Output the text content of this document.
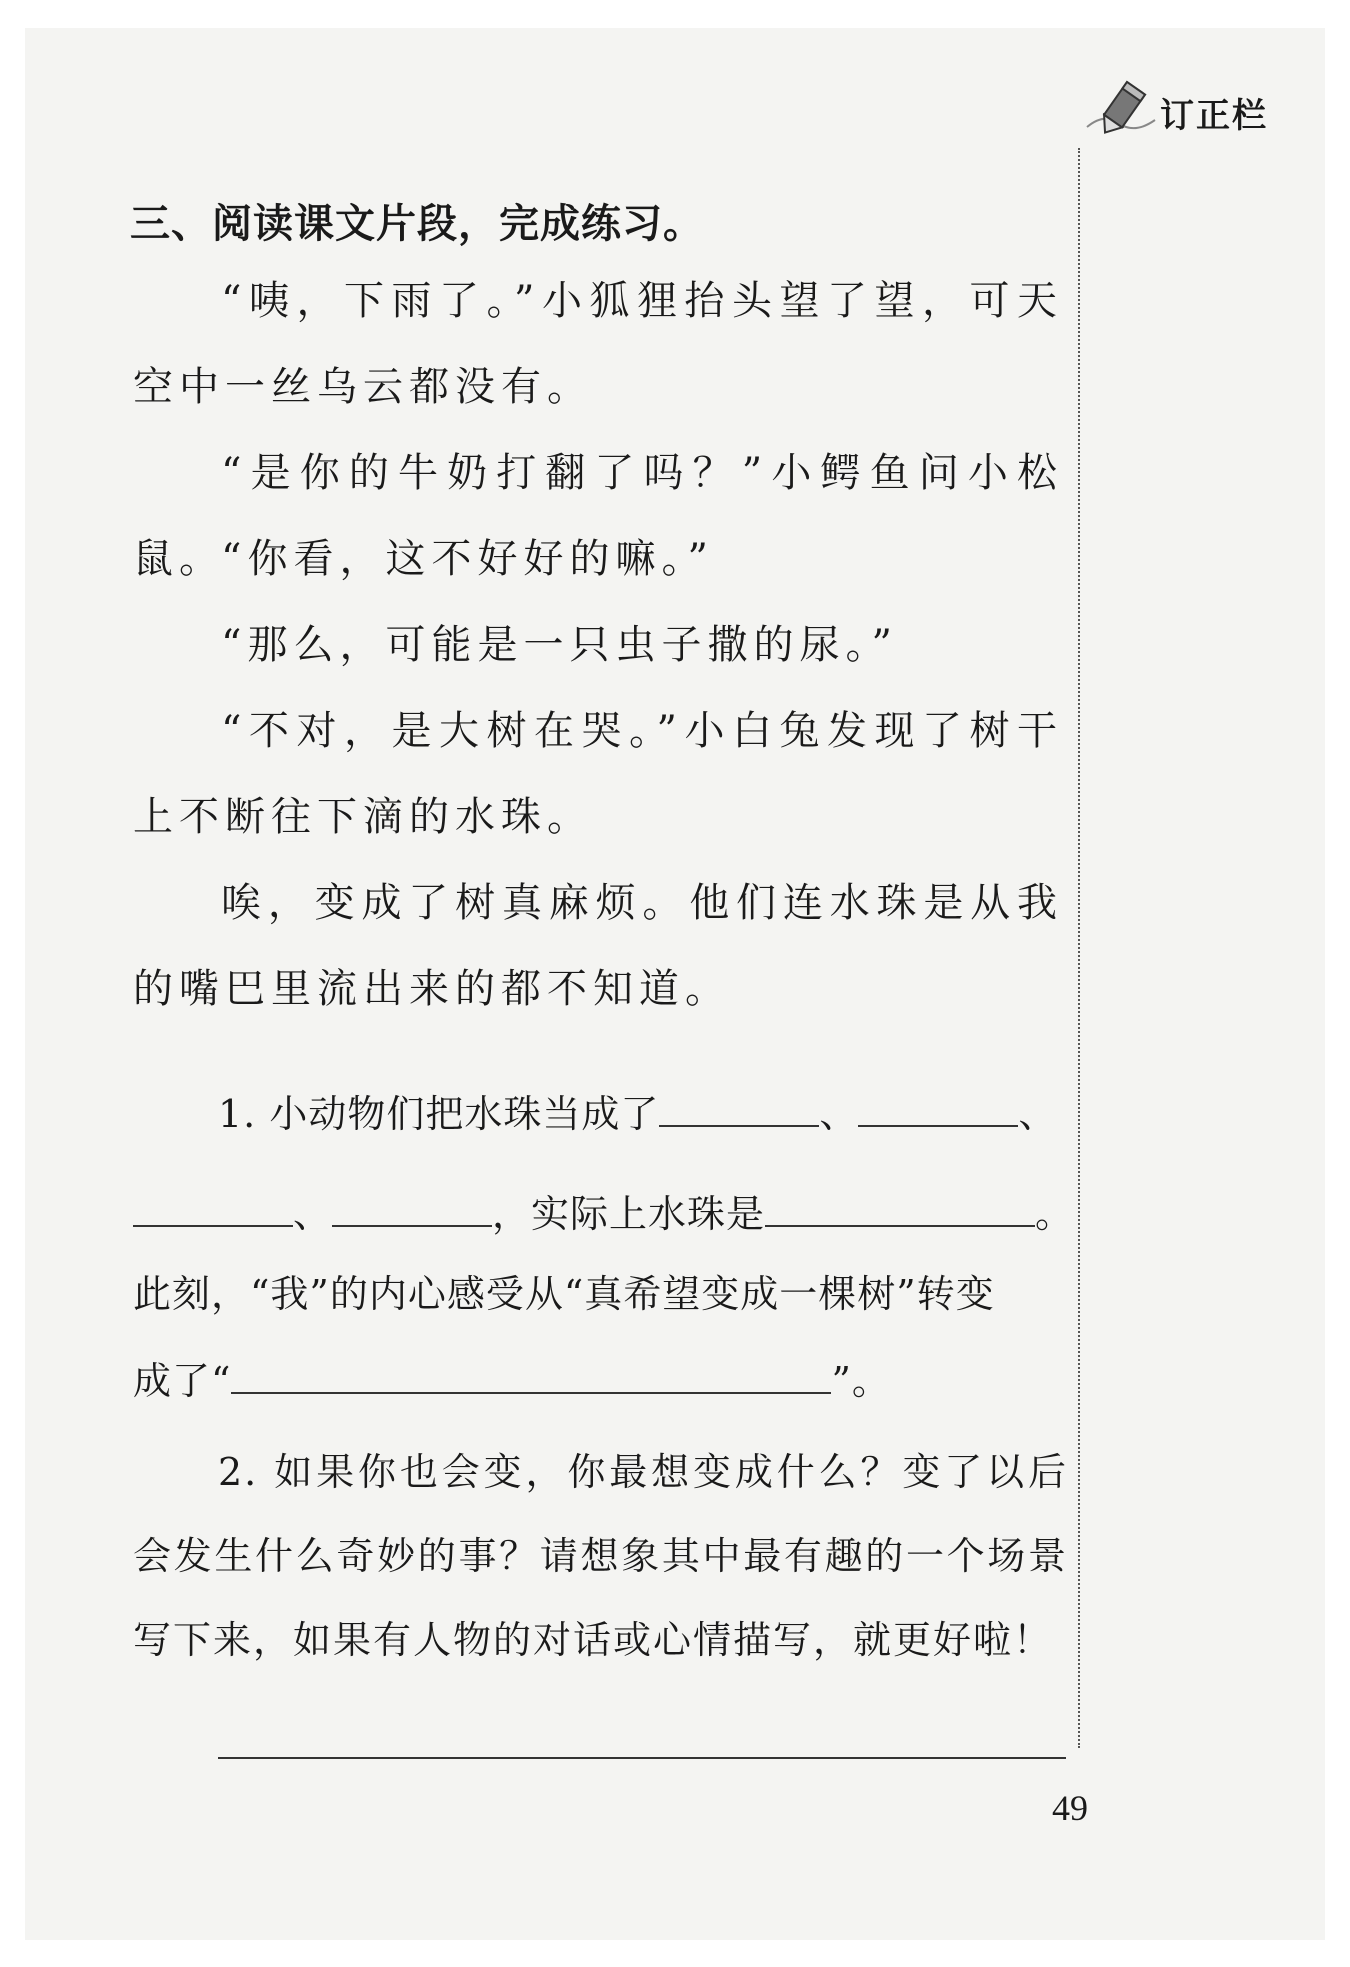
订正栏
三、阅读课文片段，完成练习。
“咦，下雨了。”小狐狸抬头望了望，可天空中一丝乌云都没有。
“是你的牛奶打翻了吗？”小鳄鱼问小松鼠。
“你看，这不好好的嘛。”
“那么，可能是一只虫子撒的尿。”
“不对，是大树在哭。”小白兔发现了树干上不断往下滴的水珠。
唉，变成了树真麻烦。他们连水珠是从我的嘴巴里流出来的都不知道。
1. 小动物们把水珠当成了	、	、
、	，实际上水珠是	。
此刻，“我”的内心感受从“真希望变成一棵树”转变
成了“	”。
2. 如果你也会变，你最想变成什么？变了以后会发生什么奇妙的事？请想象其中最有趣的一个场景写下来，如果有人物的对话或心情描写，就更好啦！
49
